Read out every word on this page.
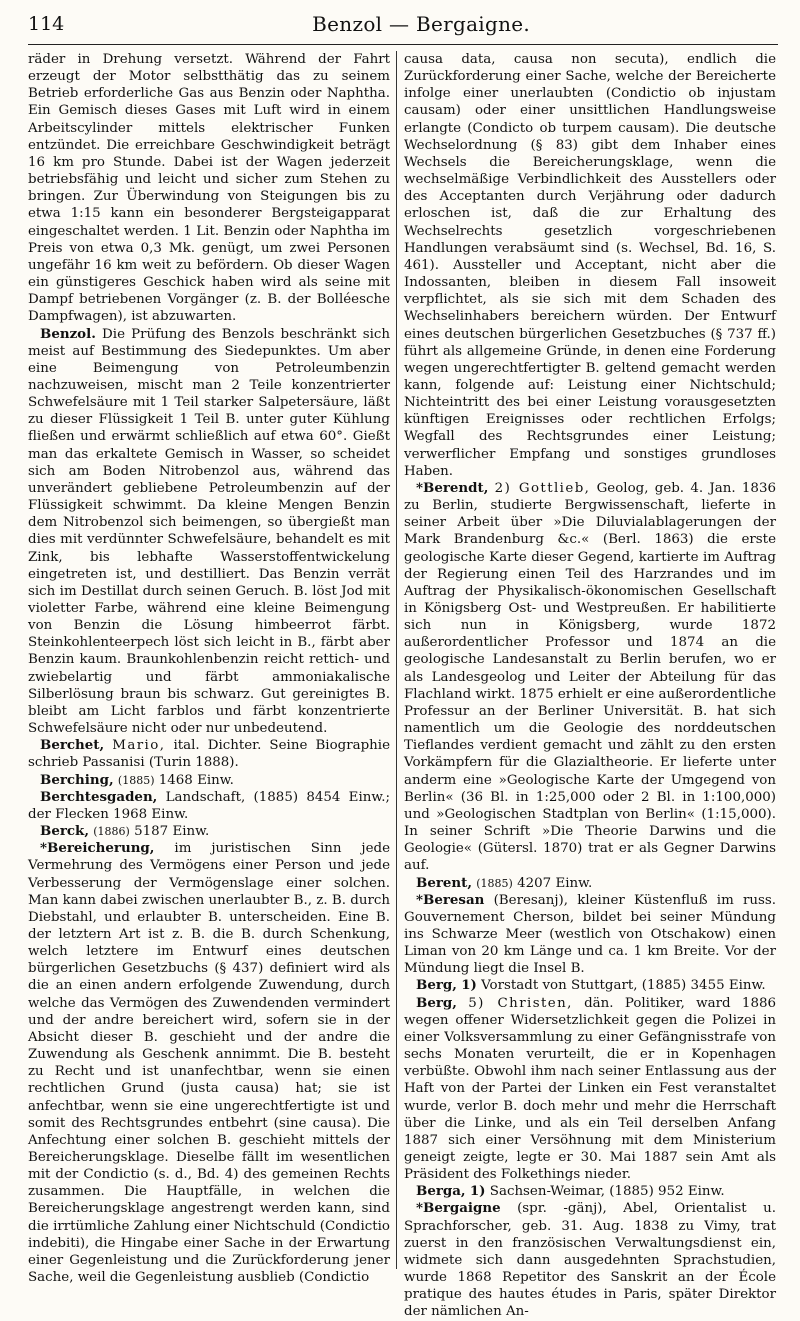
114	Benzol — Bergaigne.

räder in Drehung versetzt. Während der Fahrt erzeugt der Motor selbstthätig das zu seinem Betrieb erforderliche Gas aus Benzin oder Naphtha. Ein Gemisch dieses Gases mit Luft wird in einem Arbeitscylinder mittels elektrischer Funken entzündet. Die erreichbare Geschwindigkeit beträgt 16 km pro Stunde. Dabei ist der Wagen jederzeit betriebsfähig und leicht und sicher zum Stehen zu bringen. Zur Überwindung von Steigungen bis zu etwa 1:15 kann ein besonderer Bergsteigapparat eingeschaltet werden. 1 Lit. Benzin oder Naphtha im Preis von etwa 0,3 Mk. genügt, um zwei Personen ungefähr 16 km weit zu befördern. Ob dieser Wagen ein günstigeres Geschick haben wird als seine mit Dampf betriebenen Vorgänger (z. B. der Bolléesche Dampfwagen), ist abzuwarten.

Benzol. Die Prüfung des Benzols beschränkt sich meist auf Bestimmung des Siedepunktes. Um aber eine Beimengung von Petroleumbenzin nachzuweisen, mischt man 2 Teile konzentrierter Schwefelsäure mit 1 Teil starker Salpetersäure, läßt zu dieser Flüssigkeit 1 Teil B. unter guter Kühlung fließen und erwärmt schließlich auf etwa 60°. Gießt man das erkaltete Gemisch in Wasser, so scheidet sich am Boden Nitrobenzol aus, während das unverändert gebliebene Petroleumbenzin auf der Flüssigkeit schwimmt. Da kleine Mengen Benzin dem Nitrobenzol sich beimengen, so übergießt man dies mit verdünnter Schwefelsäure, behandelt es mit Zink, bis lebhafte Wasserstoffentwickelung eingetreten ist, und destilliert. Das Benzin verrät sich im Destillat durch seinen Geruch. B. löst Jod mit violetter Farbe, während eine kleine Beimengung von Benzin die Lösung himbeerrot färbt. Steinkohlenteerpech löst sich leicht in B., färbt aber Benzin kaum. Braunkohlenbenzin reicht rettich- und zwiebelartig und färbt ammoniakalische Silberlösung braun bis schwarz. Gut gereinigtes B. bleibt am Licht farblos und färbt konzentrierte Schwefelsäure nicht oder nur unbedeutend.

Berchet, Mario, ital. Dichter. Seine Biographie schrieb Passanisi (Turin 1888).

Berching, (1885) 1468 Einw.

Berchtesgaden, Landschaft, (1885) 8454 Einw.; der Flecken 1968 Einw.

Berck, (1886) 5187 Einw.

*Bereicherung, im juristischen Sinn jede Vermehrung des Vermögens einer Person und jede Verbesserung der Vermögenslage einer solchen. Man kann dabei zwischen unerlaubter B., z. B. durch Diebstahl, und erlaubter B. unterscheiden. Eine B. der letztern Art ist z. B. die B. durch Schenkung, welch letztere im Entwurf eines deutschen bürgerlichen Gesetzbuchs (§ 437) definiert wird als die an einen andern erfolgende Zuwendung, durch welche das Vermögen des Zuwendenden vermindert und der andre bereichert wird, sofern sie in der Absicht dieser B. geschieht und der andre die Zuwendung als Geschenk annimmt. Die B. besteht zu Recht und ist unanfechtbar, wenn sie einen rechtlichen Grund (justa causa) hat; sie ist anfechtbar, wenn sie eine ungerechtfertigte ist und somit des Rechtsgrundes entbehrt (sine causa). Die Anfechtung einer solchen B. geschieht mittels der Bereicherungsklage. Dieselbe fällt im wesentlichen mit der Condictio (s. d., Bd. 4) des gemeinen Rechts zusammen. Die Hauptfälle, in welchen die Bereicherungsklage angestrengt werden kann, sind die irrtümliche Zahlung einer Nichtschuld (Condictio indebiti), die Hingabe einer Sache in der Erwartung einer Gegenleistung und die Zurückforderung jener Sache, weil die Gegenleistung ausblieb (Condictio

causa data, causa non secuta), endlich die Zurückforderung einer Sache, welche der Bereicherte infolge einer unerlaubten (Condictio ob injustam causam) oder einer unsittlichen Handlungsweise erlangte (Condicto ob turpem causam). Die deutsche Wechselordnung (§ 83) gibt dem Inhaber eines Wechsels die Bereicherungsklage, wenn die wechselmäßige Verbindlichkeit des Ausstellers oder des Acceptanten durch Verjährung oder dadurch erloschen ist, daß die zur Erhaltung des Wechselrechts gesetzlich vorgeschriebenen Handlungen verabsäumt sind (s. Wechsel, Bd. 16, S. 461). Aussteller und Acceptant, nicht aber die Indossanten, bleiben in diesem Fall insoweit verpflichtet, als sie sich mit dem Schaden des Wechselinhabers bereichern würden. Der Entwurf eines deutschen bürgerlichen Gesetzbuches (§ 737 ff.) führt als allgemeine Gründe, in denen eine Forderung wegen ungerechtfertigter B. geltend gemacht werden kann, folgende auf: Leistung einer Nichtschuld; Nichteintritt des bei einer Leistung vorausgesetzten künftigen Ereignisses oder rechtlichen Erfolgs; Wegfall des Rechtsgrundes einer Leistung; verwerflicher Empfang und sonstiges grundloses Haben.

*Berendt, 2) Gottlieb, Geolog, geb. 4. Jan. 1836 zu Berlin, studierte Bergwissenschaft, lieferte in seiner Arbeit über »Die Diluvialablagerungen der Mark Brandenburg &c.« (Berl. 1863) die erste geologische Karte dieser Gegend, kartierte im Auftrag der Regierung einen Teil des Harzrandes und im Auftrag der Physikalisch-ökonomischen Gesellschaft in Königsberg Ost- und Westpreußen. Er habilitierte sich nun in Königsberg, wurde 1872 außerordentlicher Professor und 1874 an die geologische Landesanstalt zu Berlin berufen, wo er als Landesgeolog und Leiter der Abteilung für das Flachland wirkt. 1875 erhielt er eine außerordentliche Professur an der Berliner Universität. B. hat sich namentlich um die Geologie des norddeutschen Tieflandes verdient gemacht und zählt zu den ersten Vorkämpfern für die Glazialtheorie. Er lieferte unter anderm eine »Geologische Karte der Umgegend von Berlin« (36 Bl. in 1:25,000 oder 2 Bl. in 1:100,000) und »Geologischen Stadtplan von Berlin« (1:15,000). In seiner Schrift »Die Theorie Darwins und die Geologie« (Gütersl. 1870) trat er als Gegner Darwins auf.

Berent, (1885) 4207 Einw.

*Beresan (Beresanj), kleiner Küstenfluß im russ. Gouvernement Cherson, bildet bei seiner Mündung ins Schwarze Meer (westlich von Otschakow) einen Liman von 20 km Länge und ca. 1 km Breite. Vor der Mündung liegt die Insel B.

Berg, 1) Vorstadt von Stuttgart, (1885) 3455 Einw.

Berg, 5) Christen, dän. Politiker, ward 1886 wegen offener Widersetzlichkeit gegen die Polizei in einer Volksversammlung zu einer Gefängnisstrafe von sechs Monaten verurteilt, die er in Kopenhagen verbüßte. Obwohl ihm nach seiner Entlassung aus der Haft von der Partei der Linken ein Fest veranstaltet wurde, verlor B. doch mehr und mehr die Herrschaft über die Linke, und als ein Teil derselben Anfang 1887 sich einer Versöhnung mit dem Ministerium geneigt zeigte, legte er 30. Mai 1887 sein Amt als Präsident des Folkethings nieder.

Berga, 1) Sachsen-Weimar, (1885) 952 Einw.

*Bergaigne (spr. -gänj), Abel, Orientalist u. Sprachforscher, geb. 31. Aug. 1838 zu Vimy, trat zuerst in den französischen Verwaltungsdienst ein, widmete sich dann ausgedehnten Sprachstudien, wurde 1868 Repetitor des Sanskrit an der École pratique des hautes études in Paris, später Direktor der nämlichen An-
